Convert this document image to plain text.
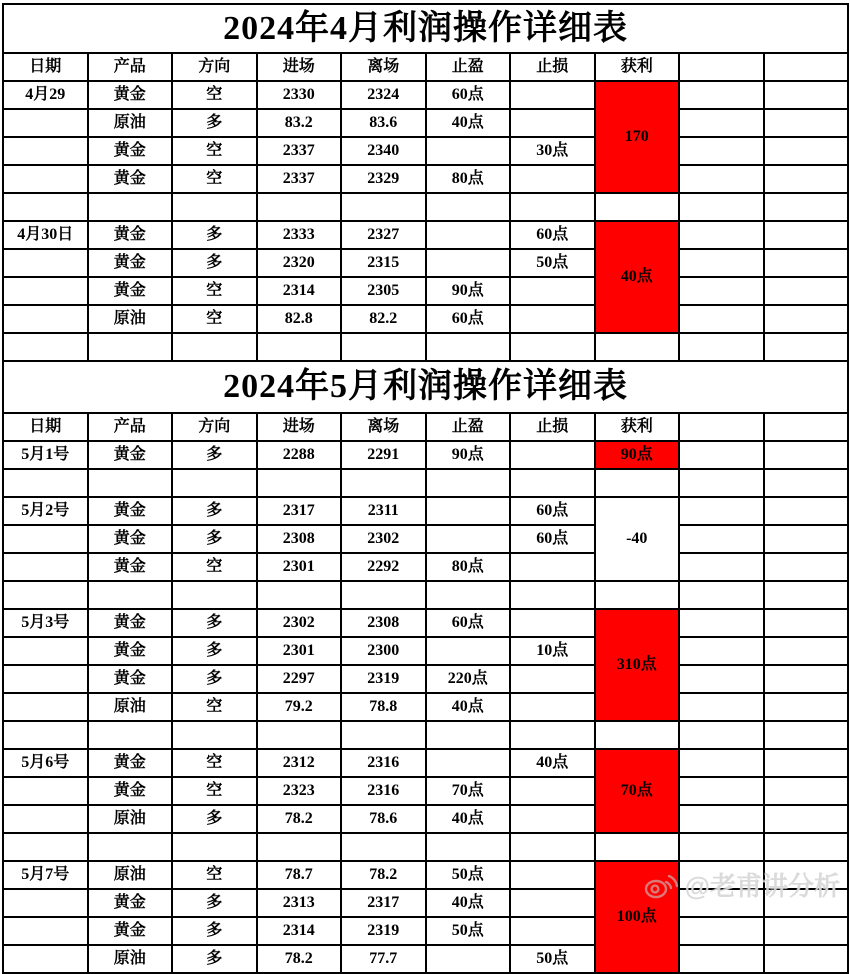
2024年4月利润操作详细表									
日期	产品	方向	进场	离场	止盈	止损	获利		
4月29	黄金	空	2330	2324	60点		170		
	原油	多	83.2	83.6	40点				
	黄金	空	2337	2340		30点			
	黄金	空	2337	2329	80点				

4月30日	黄金	多	2333	2327		60点	40点		
	黄金	多	2320	2315		50点			
	黄金	空	2314	2305	90点				
	原油	空	82.8	82.2	60点				

2024年5月利润操作详细表									
日期	产品	方向	进场	离场	止盈	止损	获利		
5月1号	黄金	多	2288	2291	90点		90点		

5月2号	黄金	多	2317	2311		60点	-40		
	黄金	多	2308	2302		60点			
	黄金	空	2301	2292	80点				

5月3号	黄金	多	2302	2308	60点		310点		
	黄金	多	2301	2300		10点			
	黄金	多	2297	2319	220点				
	原油	空	79.2	78.8	40点				

5月6号	黄金	空	2312	2316		40点	70点		
	黄金	空	2323	2316	70点				
	原油	多	78.2	78.6	40点				

5月7号	原油	空	78.7	78.2	50点		100点		
	黄金	多	2313	2317	40点				
	黄金	多	2314	2319	50点				
	原油	多	78.2	77.7		50点			
@老甫讲分析
